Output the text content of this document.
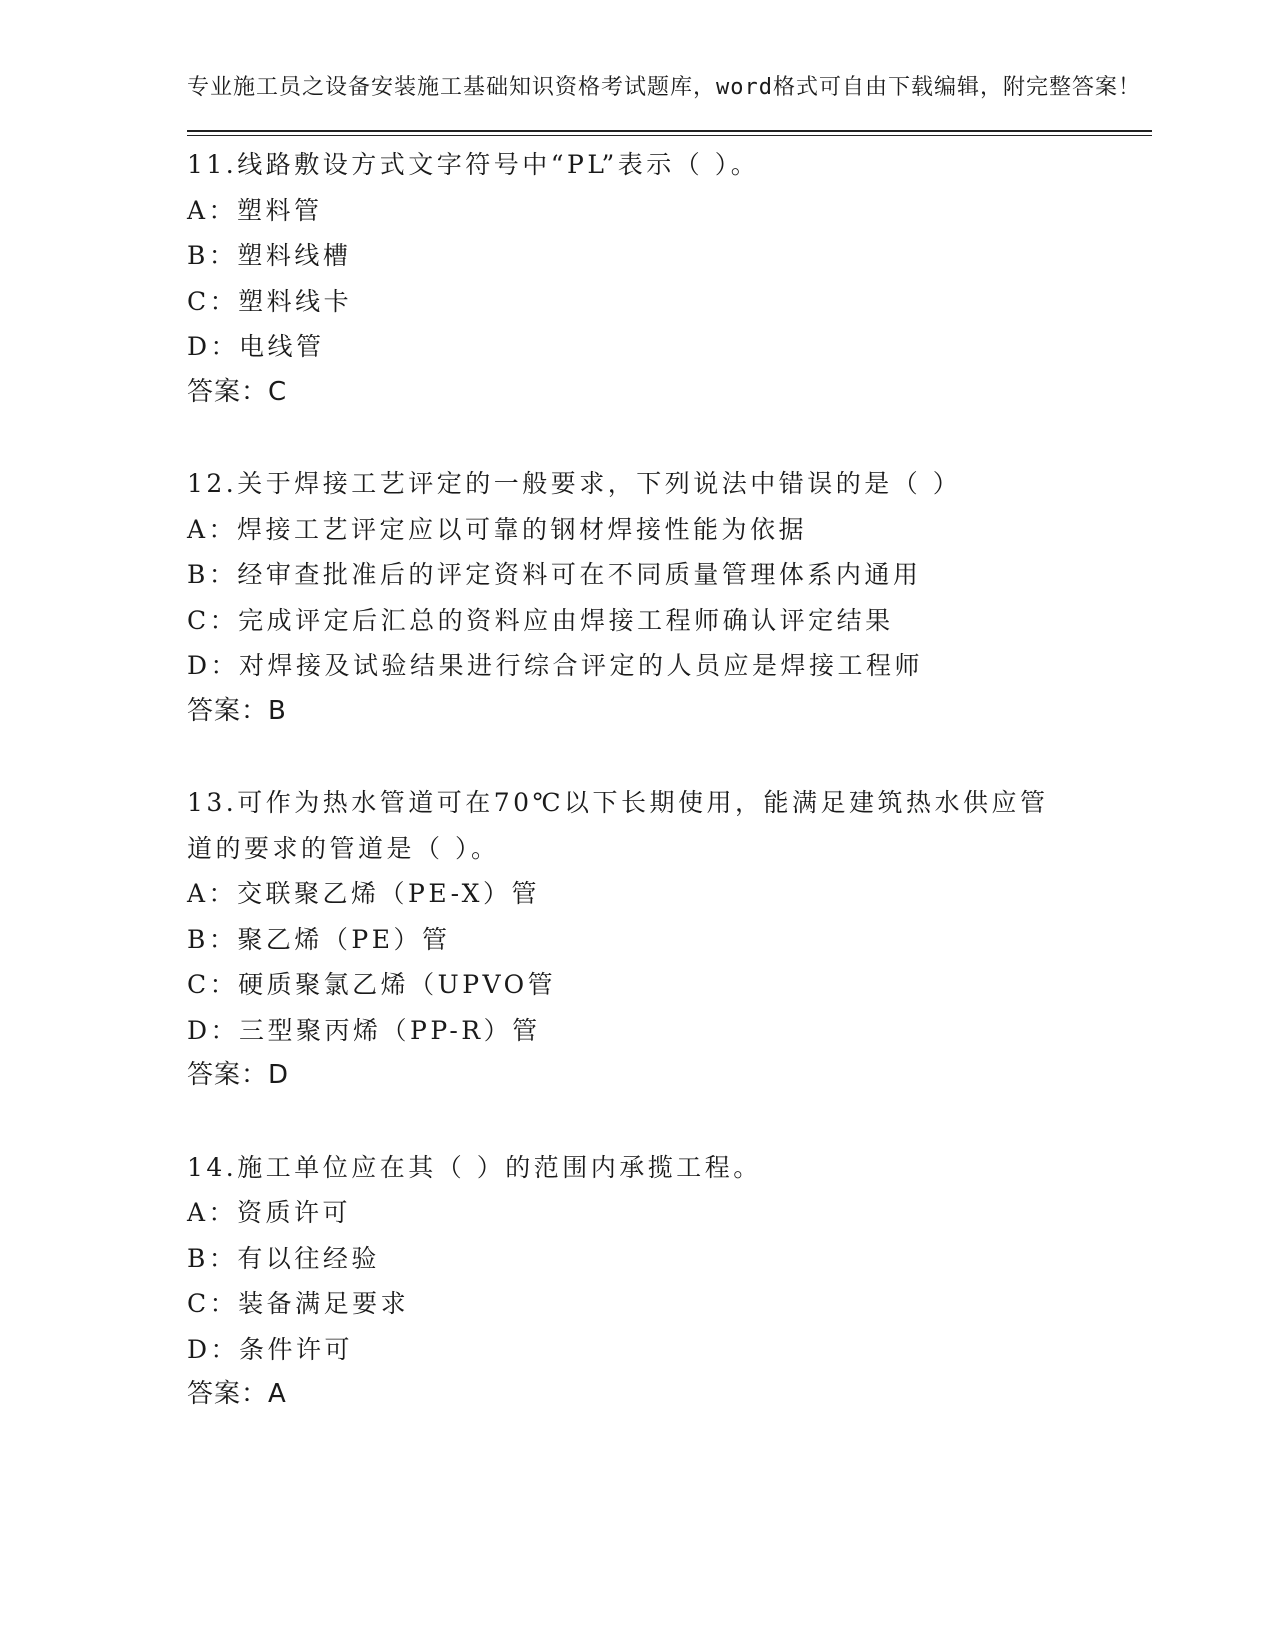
专业施工员之设备安装施工基础知识资格考试题库，word格式可自由下载编辑，附完整答案！
11.线路敷设方式文字符号中“PL”表示（ ）。
A：塑料管
B：塑料线槽
C：塑料线卡
D：电线管
答案：C
12.关于焊接工艺评定的一般要求，下列说法中错误的是（ ）
A：焊接工艺评定应以可靠的钢材焊接性能为依据
B：经审查批准后的评定资料可在不同质量管理体系内通用
C：完成评定后汇总的资料应由焊接工程师确认评定结果
D：对焊接及试验结果进行综合评定的人员应是焊接工程师
答案：B
13.可作为热水管道可在70℃以下长期使用，能满足建筑热水供应管道的要求的管道是（ ）。
A：交联聚乙烯（PE-X）管
B：聚乙烯（PE）管
C：硬质聚氯乙烯（UPVO管
D：三型聚丙烯（PP-R）管
答案：D
14.施工单位应在其（ ）的范围内承揽工程。
A：资质许可
B：有以往经验
C：装备满足要求
D：条件许可
答案：A
